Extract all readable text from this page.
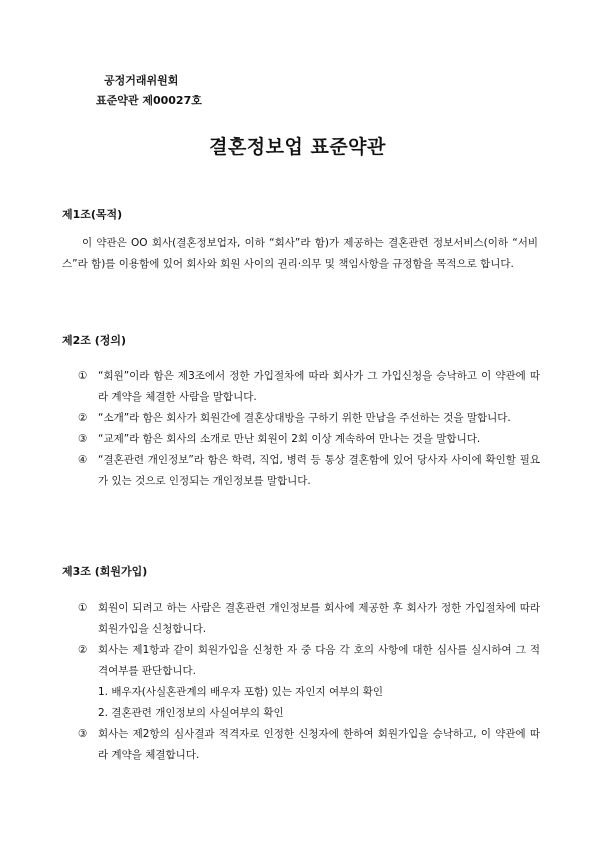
공정거래위원회
표준약관 제00027호
결혼정보업 표준약관
제1조(목적)
이 약관은 OO 회사(결혼정보업자, 이하 “회사”라 함)가 제공하는 결혼관련 정보서비스(이하 “서비스”라 함)를 이용함에 있어 회사와 회원 사이의 권리·의무 및 책임사항을 규정함을 목적으로 합니다.
제2조 (정의)
① “회원”이라 함은 제3조에서 정한 가입절차에 따라 회사가 그 가입신청을 승낙하고 이 약관에 따라 계약을 체결한 사람을 말합니다.
② “소개”라 함은 회사가 회원간에 결혼상대방을 구하기 위한 만남을 주선하는 것을 말합니다.
③ “교제”라 함은 회사의 소개로 만난 회원이 2회 이상 계속하여 만나는 것을 말합니다.
④ “결혼관련 개인정보”라 함은 학력, 직업, 병력 등 통상 결혼함에 있어 당사자 사이에 확인할 필요가 있는 것으로 인정되는 개인정보를 말합니다.
제3조 (회원가입)
① 회원이 되려고 하는 사람은 결혼관련 개인정보를 회사에 제공한 후 회사가 정한 가입절차에 따라 회원가입을 신청합니다.
② 회사는 제1항과 같이 회원가입을 신청한 자 중 다음 각 호의 사항에 대한 심사를 실시하여 그 적격여부를 판단합니다.
1. 배우자(사실혼관계의 배우자 포함) 있는 자인지 여부의 확인
2. 결혼관련 개인정보의 사실여부의 확인
③ 회사는 제2항의 심사결과 적격자로 인정한 신청자에 한하여 회원가입을 승낙하고, 이 약관에 따라 계약을 체결합니다.
